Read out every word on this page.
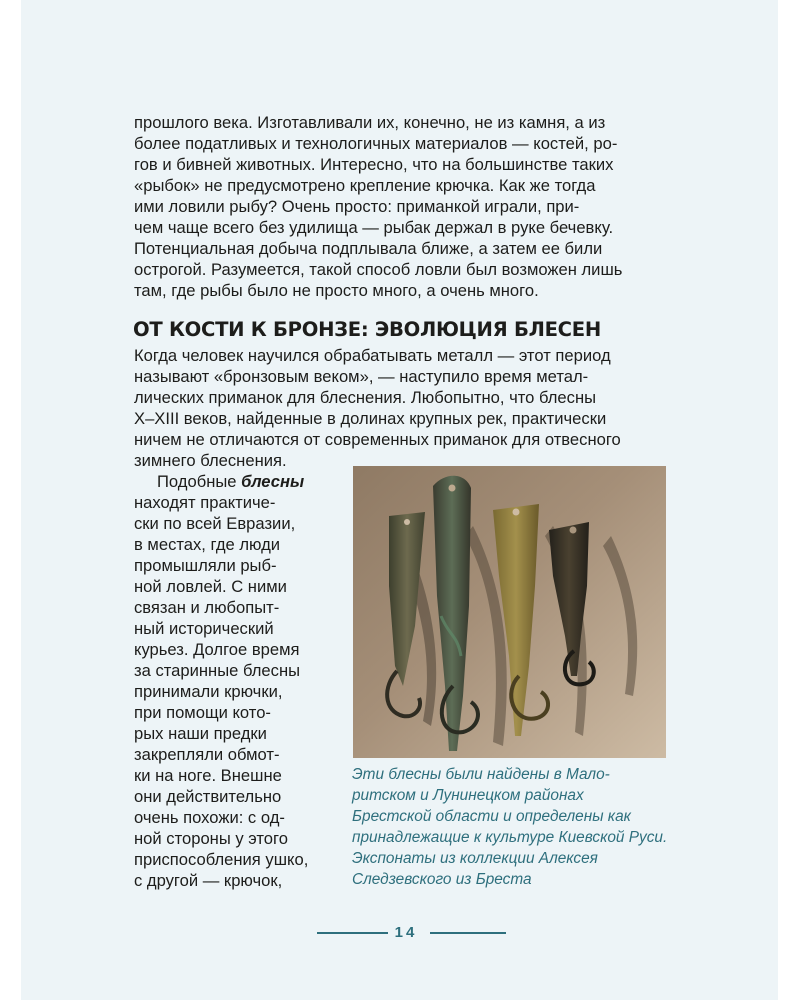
прошлого века. Изготавливали их, конечно, не из камня, а из
более податливых и технологичных материалов — костей, ро-
гов и бивней животных. Интересно, что на большинстве таких
«рыбок» не предусмотрено крепление крючка. Как же тогда
ими ловили рыбу? Очень просто: приманкой играли, при-
чем чаще всего без удилища — рыбак держал в руке бечевку.
Потенциальная добыча подплывала ближе, а затем ее били
острогой. Разумеется, такой способ ловли был возможен лишь
там, где рыбы было не просто много, а очень много.
ОТ КОСТИ К БРОНЗЕ: ЭВОЛЮЦИЯ БЛЕСЕН
Когда человек научился обрабатывать металл — этот период
называют «бронзовым веком», — наступило время метал-
лических приманок для блеснения. Любопытно, что блесны
X–XIII веков, найденные в долинах крупных рек, практически
ничем не отличаются от современных приманок для отвесного
зимнего блеснения.
Подобные блесны
находят практиче-
ски по всей Евразии,
в местах, где люди
промышляли рыб-
ной ловлей. С ними
связан и любопыт-
ный исторический
курьез. Долгое время
за старинные блесны
принимали крючки,
при помощи кото-
рых наши предки
закрепляли обмот-
ки на ноге. Внешне
они действительно
очень похожи: с од-
ной стороны у этого
приспособления ушко,
с другой — крючок,
Эти блесны были найдены в Мало-
ритском и Лунинецком районах
Брестской области и определены как
принадлежащие к культуре Киевской Руси.
Экспонаты из коллекции Алексея
Следзевского из Бреста
14
